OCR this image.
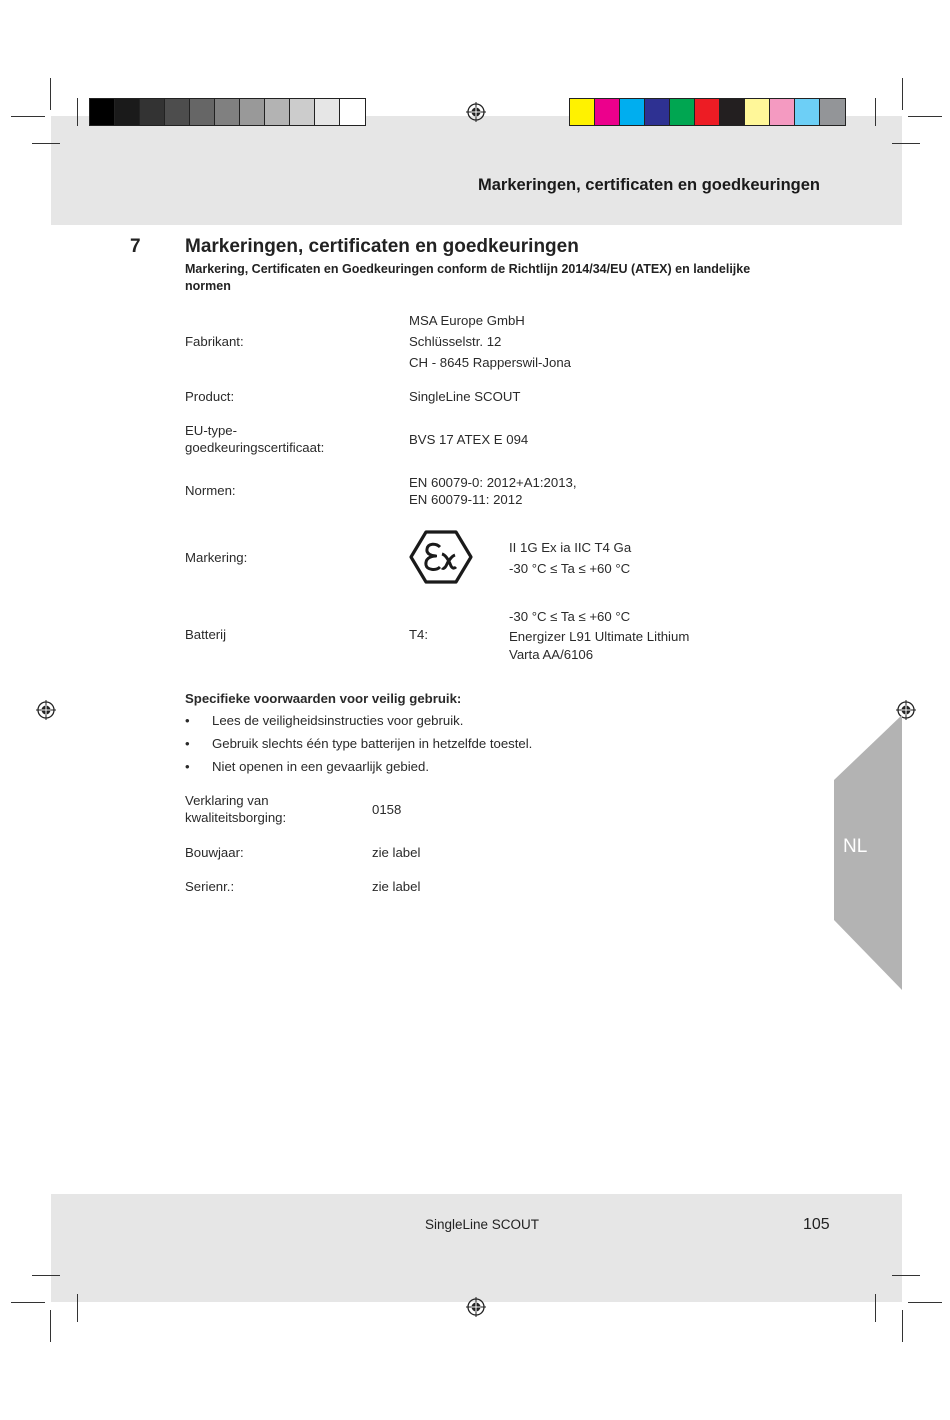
Markeringen, certificaten en goedkeuringen
7 Markeringen, certificaten en goedkeuringen
Markering, Certificaten en Goedkeuringen conform de Richtlijn 2014/34/EU (ATEX) en landelijke normen
Fabrikant:
MSA Europe GmbH
Schlüsselstr. 12
CH - 8645 Rapperswil-Jona
Product:	SingleLine SCOUT
EU-type-
goedkeuringscertificaat:
BVS 17 ATEX E 094
Normen:
EN 60079-0: 2012+A1:2013,
EN 60079-11: 2012
Markering:
II 1G Ex ia IIC T4 Ga
-30 °C ≤ Ta ≤ +60 °C
Batterij	T4:
-30 °C ≤ Ta ≤ +60 °C
Energizer L91 Ultimate Lithium
Varta AA/6106
Specifieke voorwaarden voor veilig gebruik:
• Lees de veiligheidsinstructies voor gebruik.
• Gebruik slechts één type batterijen in hetzelfde toestel.
• Niet openen in een gevaarlijk gebied.
Verklaring van
kwaliteitsborging:
0158
Bouwjaar:	zie label
Serienr.:	zie label
NL
SingleLine SCOUT	105
